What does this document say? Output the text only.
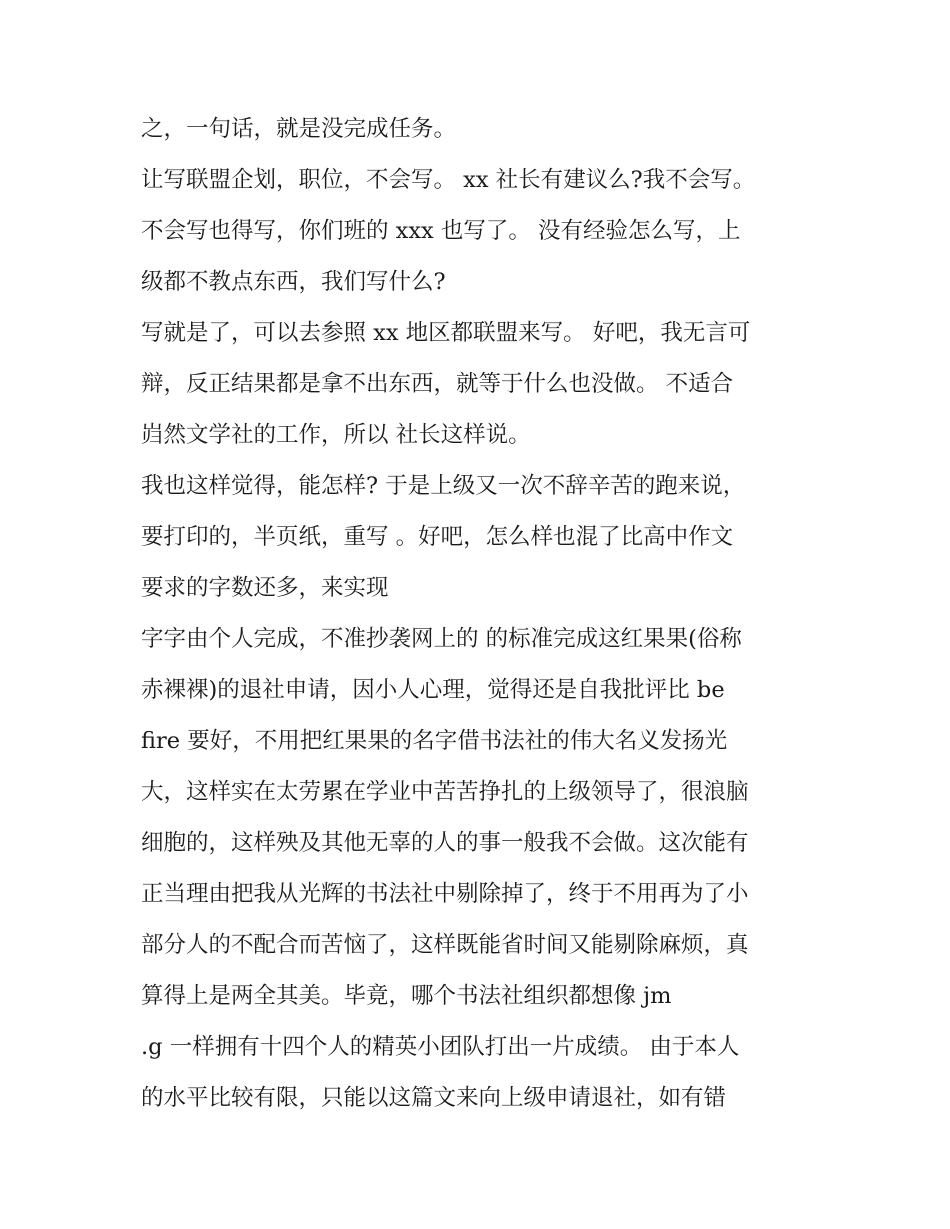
之，一句话，就是没完成任务。
让写联盟企划，职位，不会写。 xx 社长有建议么?我不会写。
不会写也得写，你们班的 xxx 也写了。 没有经验怎么写，上
级都不教点东西，我们写什么?
写就是了，可以去参照 xx 地区都联盟来写。 好吧，我无言可
辩，反正结果都是拿不出东西，就等于什么也没做。 不适合
岿然文学社的工作，所以 社长这样说。
我也这样觉得，能怎样? 于是上级又一次不辞辛苦的跑来说，
要打印的，半页纸，重写 。好吧，怎么样也混了比高中作文
要求的字数还多，来实现
字字由个人完成，不准抄袭网上的 的标准完成这红果果(俗称
赤裸裸)的退社申请，因小人心理，觉得还是自我批评比 be
fire 要好，不用把红果果的名字借书法社的伟大名义发扬光
大，这样实在太劳累在学业中苦苦挣扎的上级领导了，很浪脑
细胞的，这样殃及其他无辜的人的事一般我不会做。这次能有
正当理由把我从光辉的书法社中剔除掉了，终于不用再为了小
部分人的不配合而苦恼了，这样既能省时间又能剔除麻烦，真
算得上是两全其美。毕竟，哪个书法社组织都想像 jm
.g 一样拥有十四个人的精英小团队打出一片成绩。 由于本人
的水平比较有限，只能以这篇文来向上级申请退社，如有错
